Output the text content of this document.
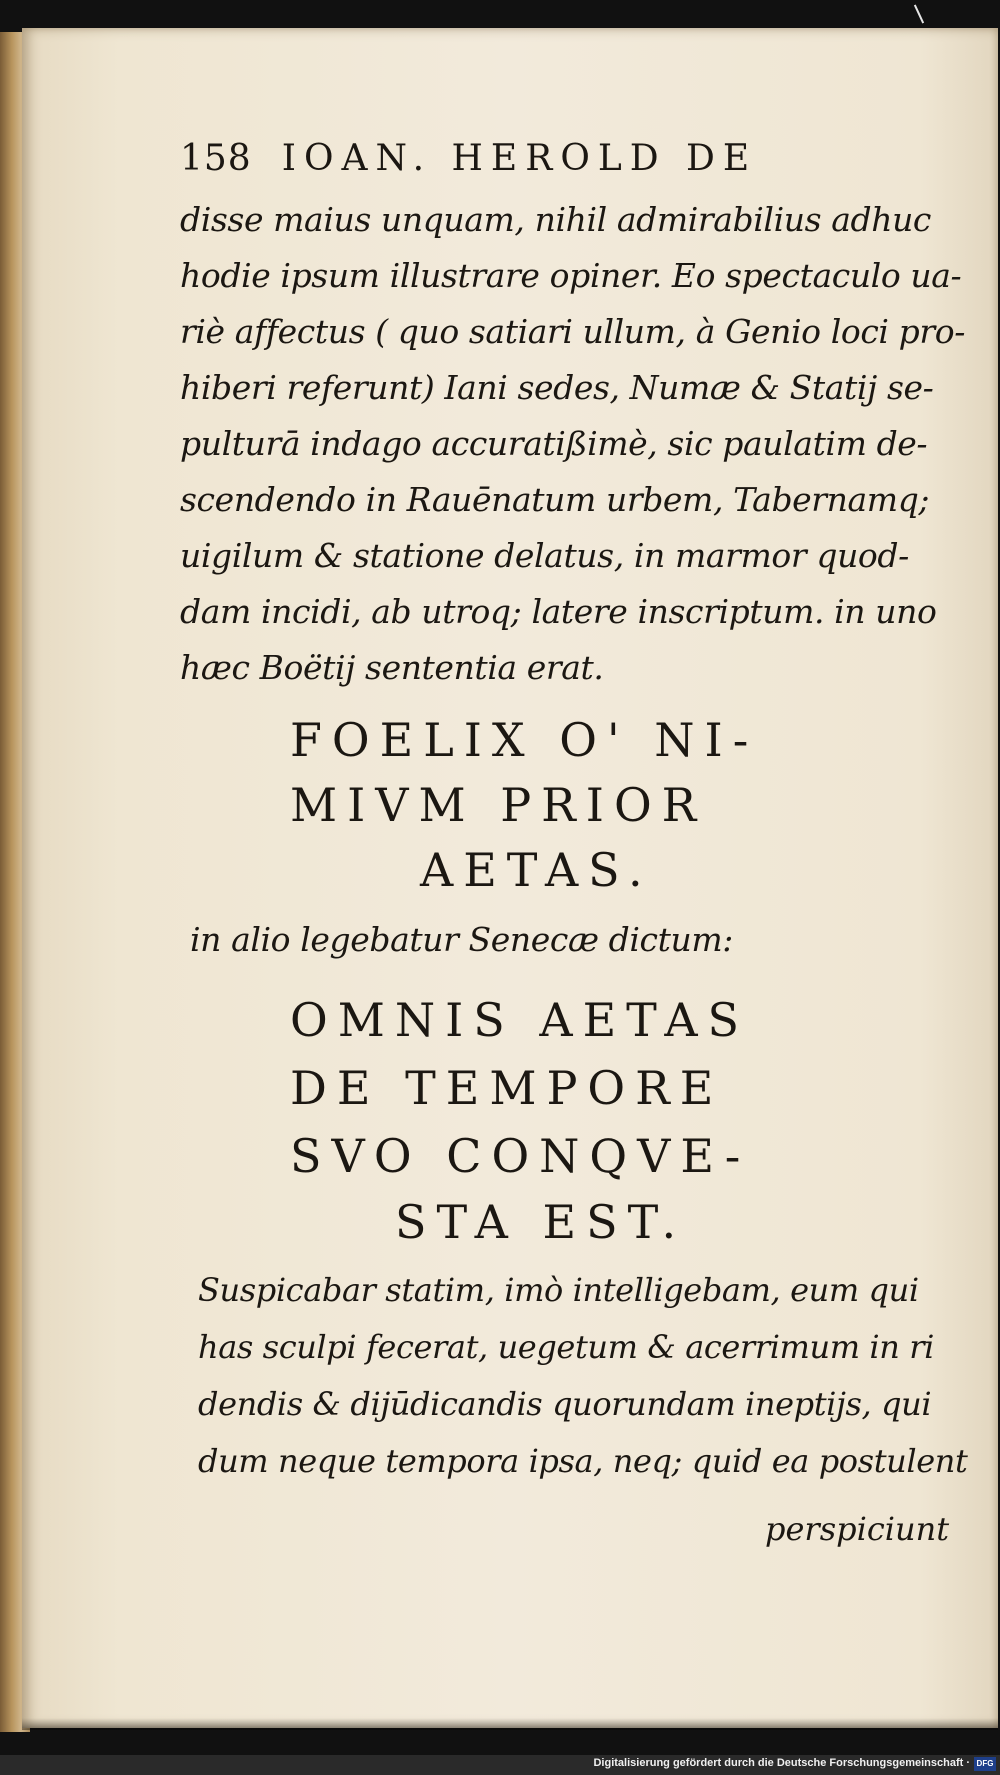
158 IOAN. HEROLD DE
disse maius unquam, nihil admirabilius adhuc
hodie ipsum illustrare opiner. Eo spectaculo ua-
riè affectus ( quo satiari ullum, à Genio loci pro-
hiberi referunt) Iani sedes, Numæ & Statij se-
pulturā indago accuratißimè, sic paulatim de-
scendendo in Rauēnatum urbem, Tabernamq;
uigilum & statione delatus, in marmor quod-
dam incidi, ab utroq; latere inscriptum. in uno
hæc Boëtij sententia erat.
FOELIX O' NI-
MIVM PRIOR
AETAS.
in alio legebatur Senecæ dictum:
OMNIS AETAS
DE TEMPORE
SVO CONQVE-
STA EST.
Suspicabar statim, imò intelligebam, eum qui
has sculpi fecerat, uegetum & acerrimum in ri
dendis & dijūdicandis quorundam ineptijs, qui
dum neque tempora ipsa, neq; quid ea postulent
perspiciunt
Digitalisierung gefördert durch die Deutsche Forschungsgemeinschaft · DFG
